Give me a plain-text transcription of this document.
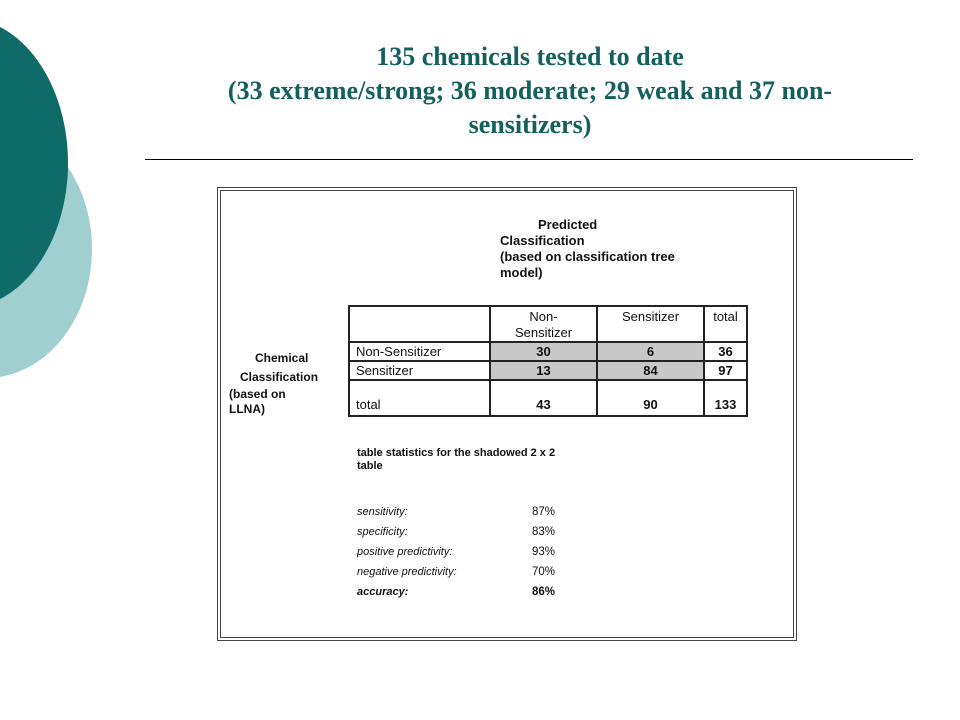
135 chemicals tested to date
(33 extreme/strong; 36 moderate; 29 weak and 37 non-
sensitizers)
Predicted
Classification
(based on classification tree
model)
Chemical
Classification
(based on
LLNA)

	Non-
Sensitizer	Sensitizer	total
Non-Sensitizer	30	6	36
Sensitizer	13	84	97
total	43	90	133
table statistics for the shadowed 2 x 2
table
sensitivity:	87%
specificity:	83%
positive predictivity:	93%
negative predictivity:	70%
accuracy:	86%
